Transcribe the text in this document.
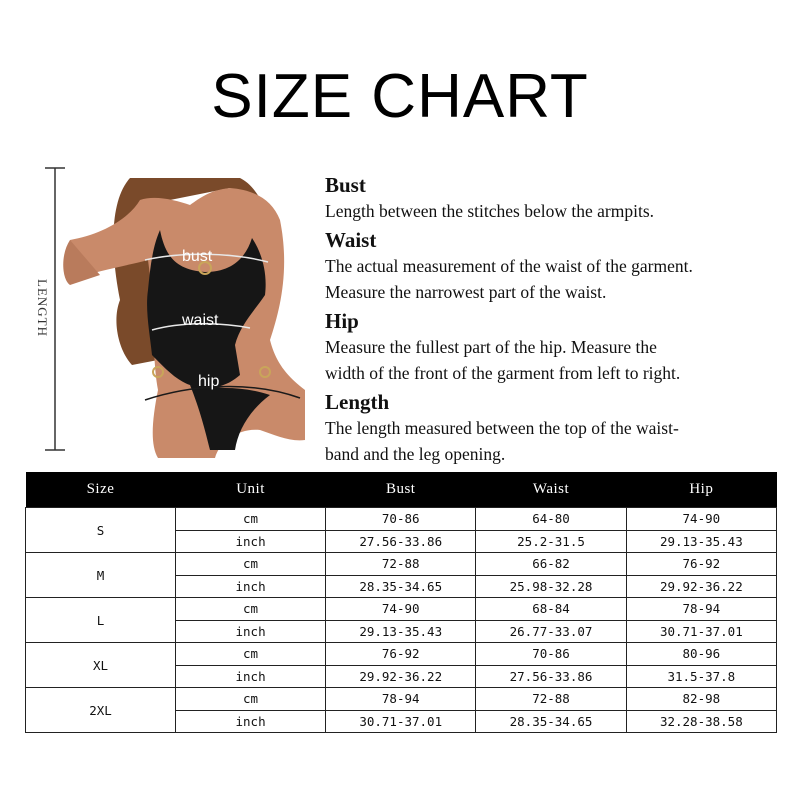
SIZE CHART
LENGTH
bust
waist
hip
Bust

Length between the stitches below the armpits.

Waist

The actual measurement of the waist of the garment.
Measure the narrowest part of the waist.

Hip

Measure the fullest part of the hip. Measure the
width of the front of the garment from left to right.

Length

The length measured between the top of the waist-
band and the leg opening.

Size	Unit	Bust	Waist	Hip
S	cm	70-86	64-80	74-90
	inch	27.56-33.86	25.2-31.5	29.13-35.43
M	cm	72-88	66-82	76-92
	inch	28.35-34.65	25.98-32.28	29.92-36.22
L	cm	74-90	68-84	78-94
	inch	29.13-35.43	26.77-33.07	30.71-37.01
XL	cm	76-92	70-86	80-96
	inch	29.92-36.22	27.56-33.86	31.5-37.8
2XL	cm	78-94	72-88	82-98
	inch	30.71-37.01	28.35-34.65	32.28-38.58
